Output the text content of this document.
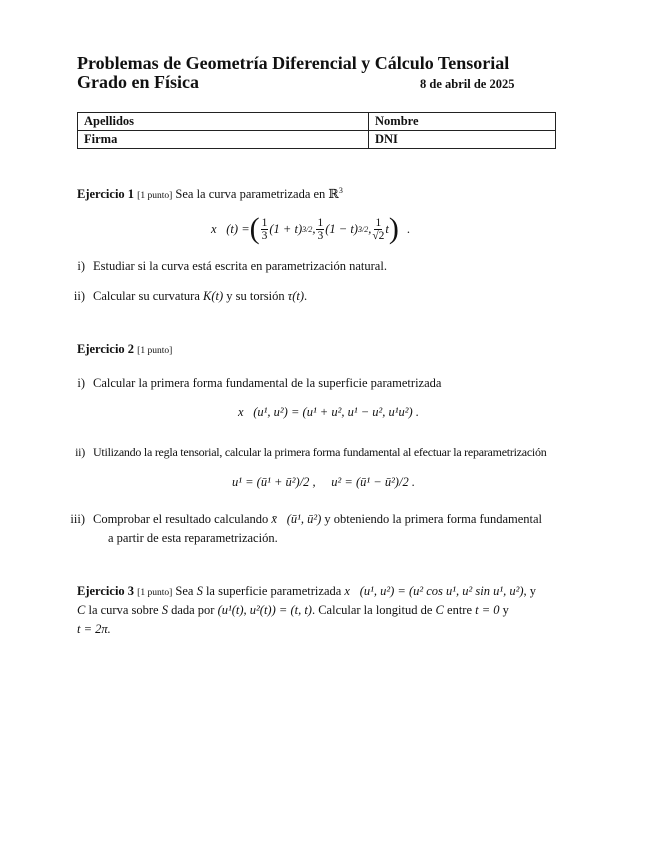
Problemas de Geometría Diferencial y Cálculo Tensorial
Grado en Física	8 de abril de 2025
Apellidos	Nombre
Firma	DNI
Ejercicio 1 [1 punto] Sea la curva parametrizada en ℝ$^3$
x⃗(t) = ( $\frac{1}{3} (1 + t)$ 3/2 , $\frac{1}{3} (1 - t)$ 3/2 , $\frac{1}{√2}$ t ) .
i) Estudiar si la curva está escrita en parametrización natural.
ii) Calcular su curvatura K(t) y su torsión τ(t).
Ejercicio 2 [1 punto]
i) Calcular la primera forma fundamental de la superficie parametrizada
x⃗(u¹, u²) = (u¹ + u², u¹ − u², u¹u²) .
ii) Utilizando la regla tensorial, calcular la primera forma fundamental al efectuar la reparametrización
u¹ = (ū¹ + ū²)/2 ,     u² = (ū¹ − ū²)/2 .
iii) Comprobar el resultado calculando x̄⃗(ū¹, ū²) y obteniendo la primera forma fundamental
a partir de esta reparametrización.
Ejercicio 3 [1 punto] Sea S la superficie parametrizada x⃗(u¹, u²) = (u² cos u¹, u² sin u¹, u²), y
C la curva sobre S dada por (u¹(t), u²(t)) = (t, t). Calcular la longitud de C entre t = 0 y
t = 2π.
